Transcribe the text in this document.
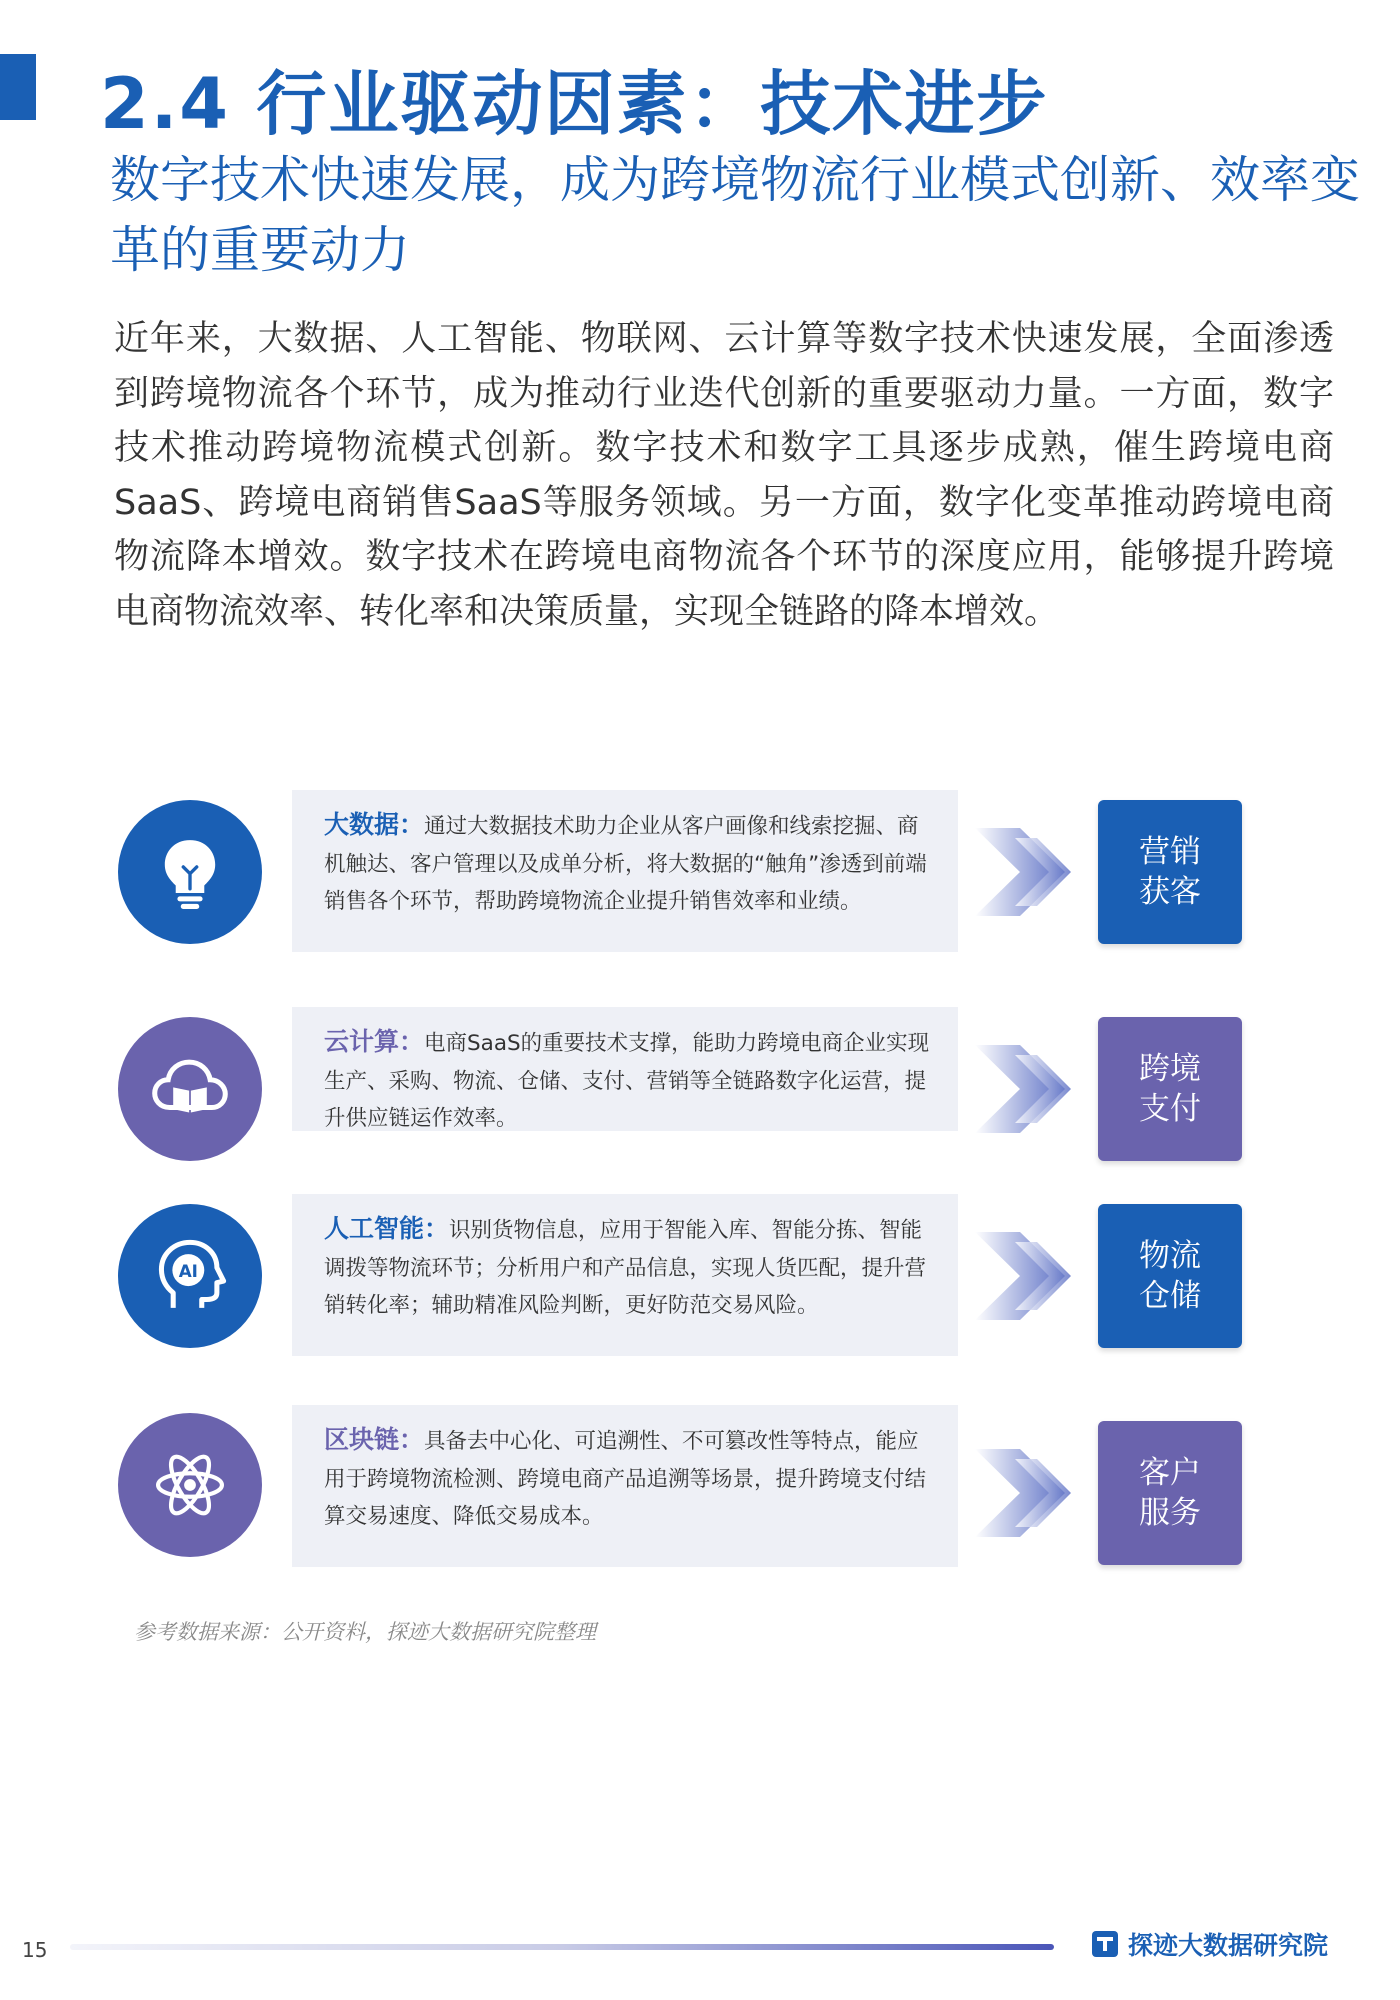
2.4 行业驱动因素：技术进步
数字技术快速发展，成为跨境物流行业模式创新、效率变革的重要动力

近年来，大数据、人工智能、物联网、云计算等数字技术快速发展，全面渗透到跨境物流各个环节，成为推动行业迭代创新的重要驱动力量。一方面，数字技术推动跨境物流模式创新。数字技术和数字工具逐步成熟，催生跨境电商SaaS、跨境电商销售SaaS等服务领域。另一方面，数字化变革推动跨境电商物流降本增效。数字技术在跨境电商物流各个环节的深度应用，能够提升跨境电商物流效率、转化率和决策质量，实现全链路的降本增效。

大数据：通过大数据技术助力企业从客户画像和线索挖掘、商机触达、客户管理以及成单分析，将大数据的“触角”渗透到前端销售各个环节，帮助跨境物流企业提升销售效率和业绩。
营销获客
云计算：电商SaaS的重要技术支撑，能助力跨境电商企业实现生产、采购、物流、仓储、支付、营销等全链路数字化运营，提升供应链运作效率。
跨境支付
AI
人工智能：识别货物信息，应用于智能入库、智能分拣、智能调拨等物流环节；分析用户和产品信息，实现人货匹配，提升营销转化率；辅助精准风险判断，更好防范交易风险。
物流仓储
区块链：具备去中心化、可追溯性、不可篡改性等特点，能应用于跨境物流检测、跨境电商产品追溯等场景，提升跨境支付结算交易速度、降低交易成本。
客户服务
参考数据来源：公开资料，探迹大数据研究院整理
15	探迹大数据研究院
